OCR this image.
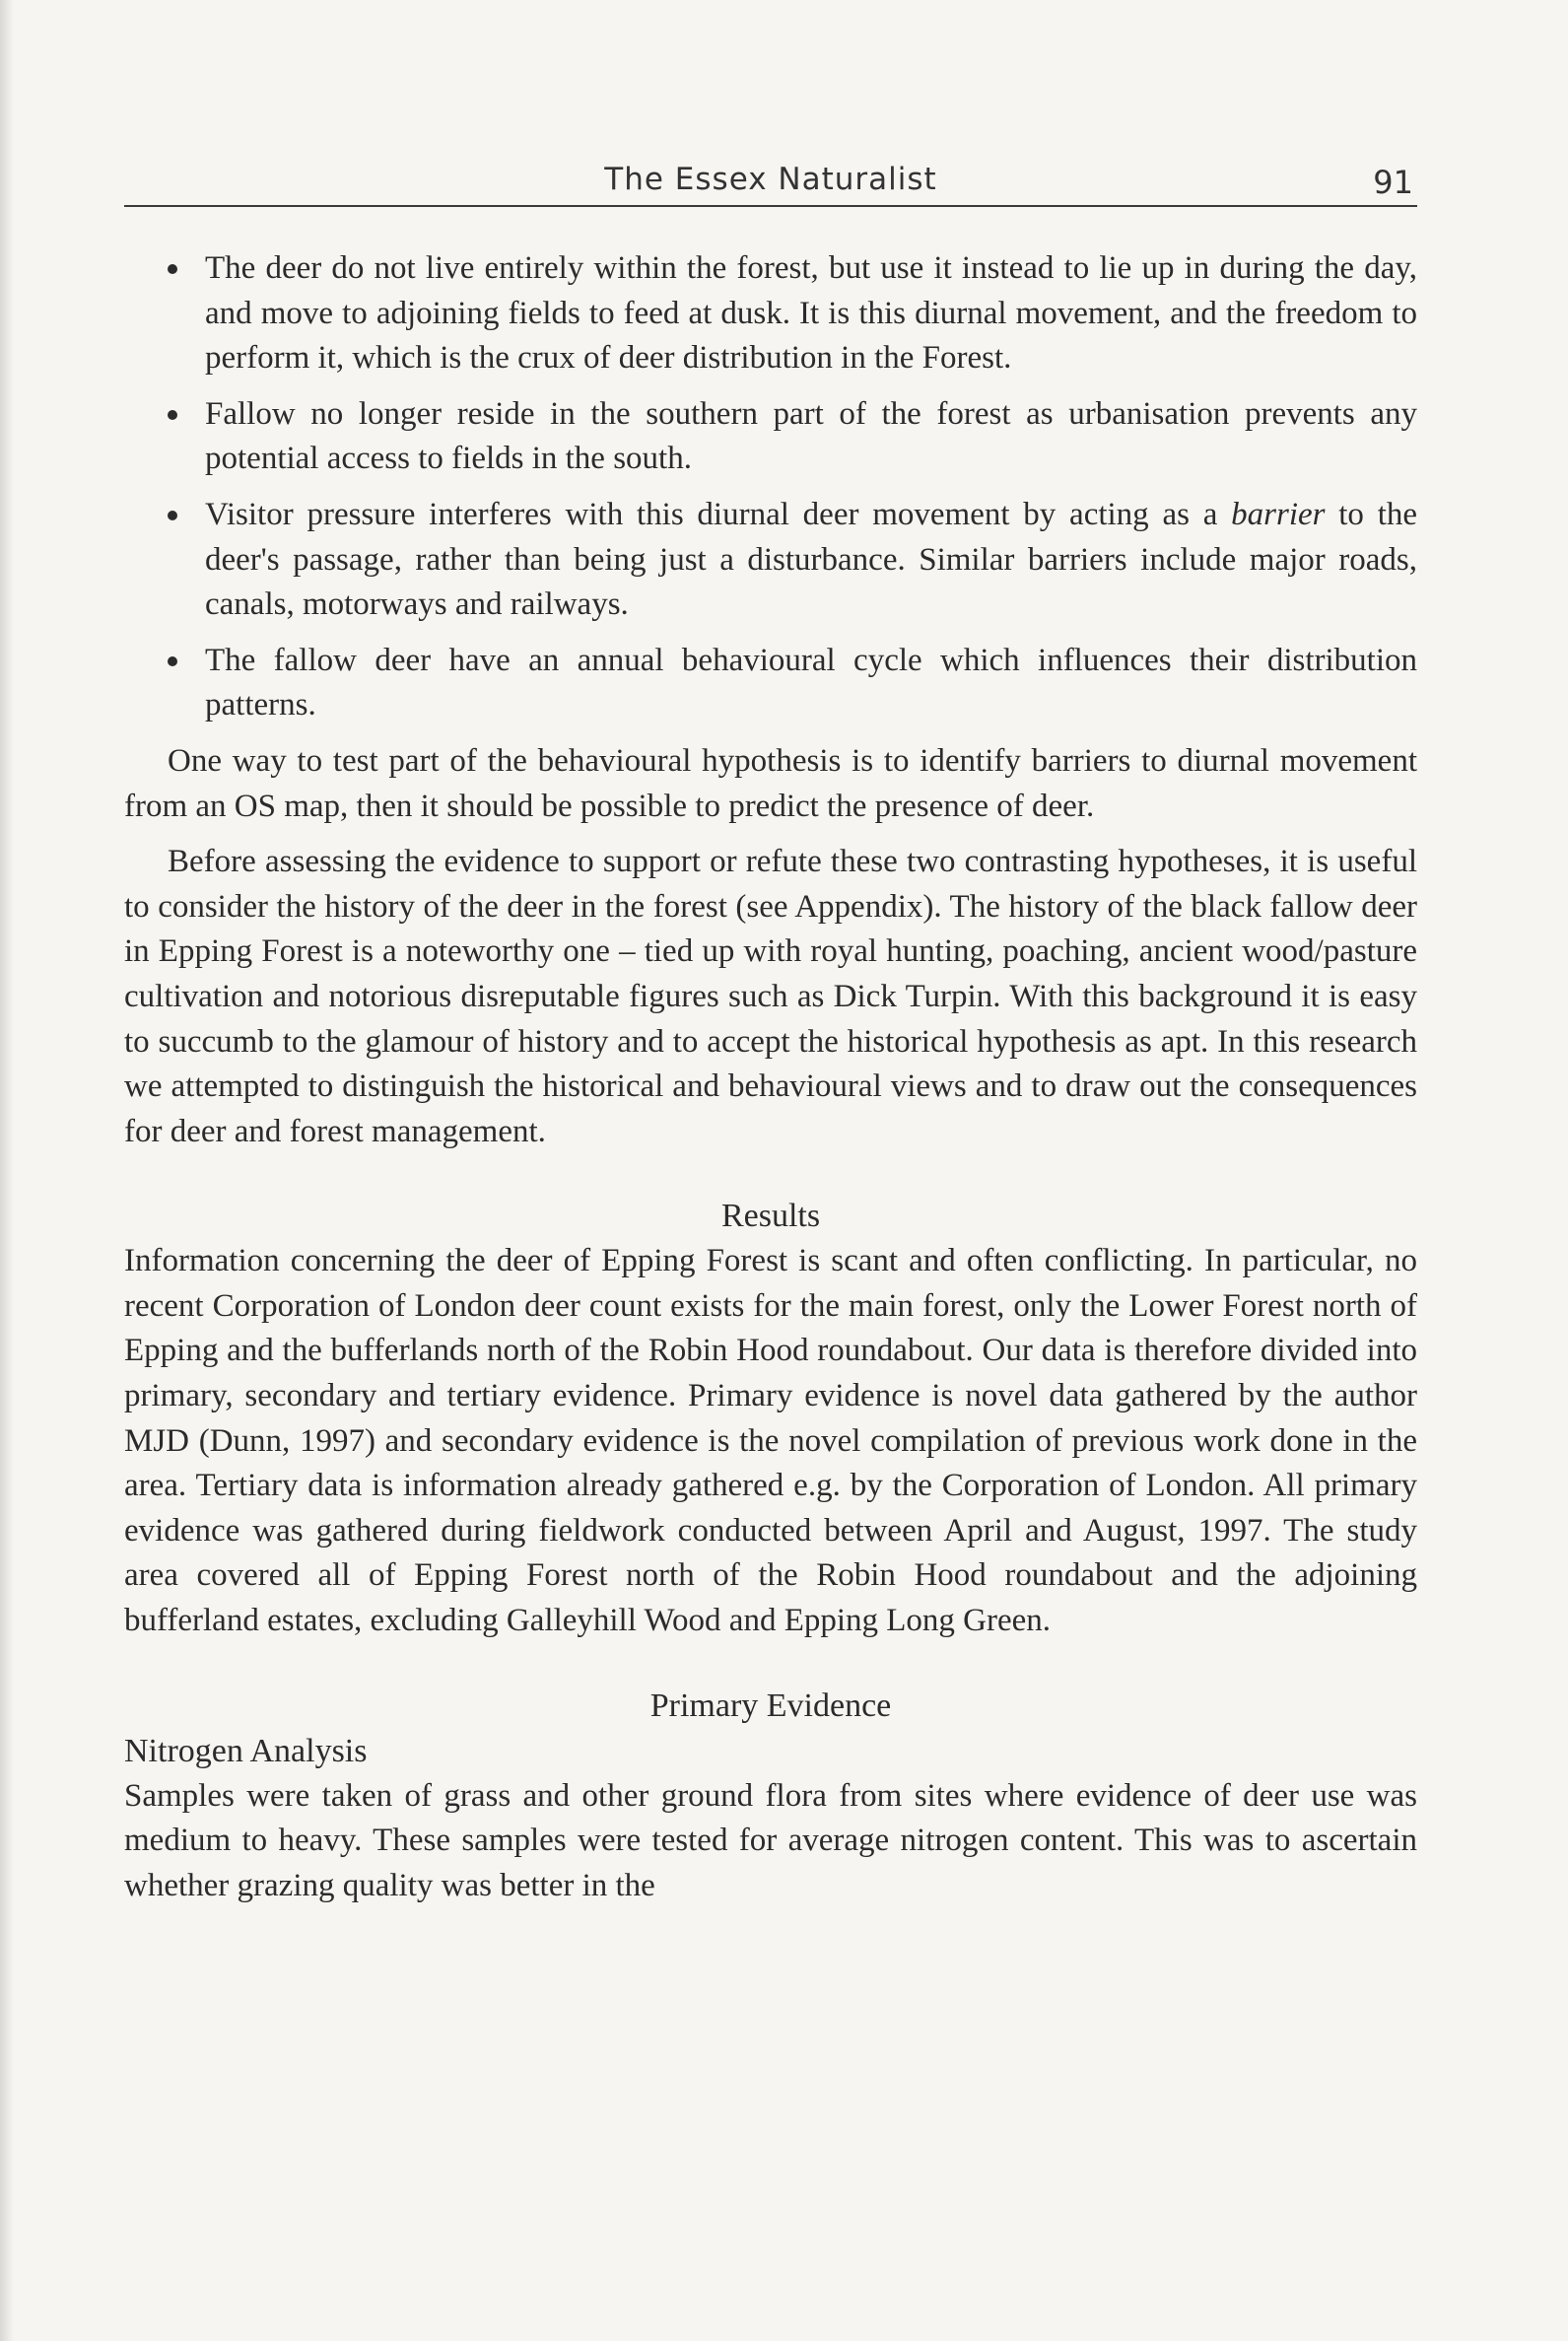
The Essex Naturalist	91
The deer do not live entirely within the forest, but use it instead to lie up in during the day, and move to adjoining fields to feed at dusk. It is this diurnal movement, and the freedom to perform it, which is the crux of deer distribution in the Forest.
Fallow no longer reside in the southern part of the forest as urbanisation prevents any potential access to fields in the south.
Visitor pressure interferes with this diurnal deer movement by acting as a barrier to the deer's passage, rather than being just a disturbance. Similar barriers include major roads, canals, motorways and railways.
The fallow deer have an annual behavioural cycle which influences their distribution patterns.

One way to test part of the behavioural hypothesis is to identify barriers to diurnal movement from an OS map, then it should be possible to predict the presence of deer.

Before assessing the evidence to support or refute these two contrasting hypotheses, it is useful to consider the history of the deer in the forest (see Appendix). The history of the black fallow deer in Epping Forest is a noteworthy one – tied up with royal hunting, poaching, ancient wood/pasture cultivation and notorious disreputable figures such as Dick Turpin. With this background it is easy to succumb to the glamour of history and to accept the historical hypothesis as apt. In this research we attempted to distinguish the historical and behavioural views and to draw out the consequences for deer and forest management.

Results

Information concerning the deer of Epping Forest is scant and often conflicting. In particular, no recent Corporation of London deer count exists for the main forest, only the Lower Forest north of Epping and the bufferlands north of the Robin Hood roundabout. Our data is therefore divided into primary, secondary and tertiary evidence. Primary evidence is novel data gathered by the author MJD (Dunn, 1997) and secondary evidence is the novel compilation of previous work done in the area. Tertiary data is information already gathered e.g. by the Corporation of London. All primary evidence was gathered during fieldwork conducted between April and August, 1997. The study area covered all of Epping Forest north of the Robin Hood roundabout and the adjoining bufferland estates, excluding Galleyhill Wood and Epping Long Green.

Primary Evidence
Nitrogen Analysis

Samples were taken of grass and other ground flora from sites where evidence of deer use was medium to heavy. These samples were tested for average nitrogen content. This was to ascertain whether grazing quality was better in the
